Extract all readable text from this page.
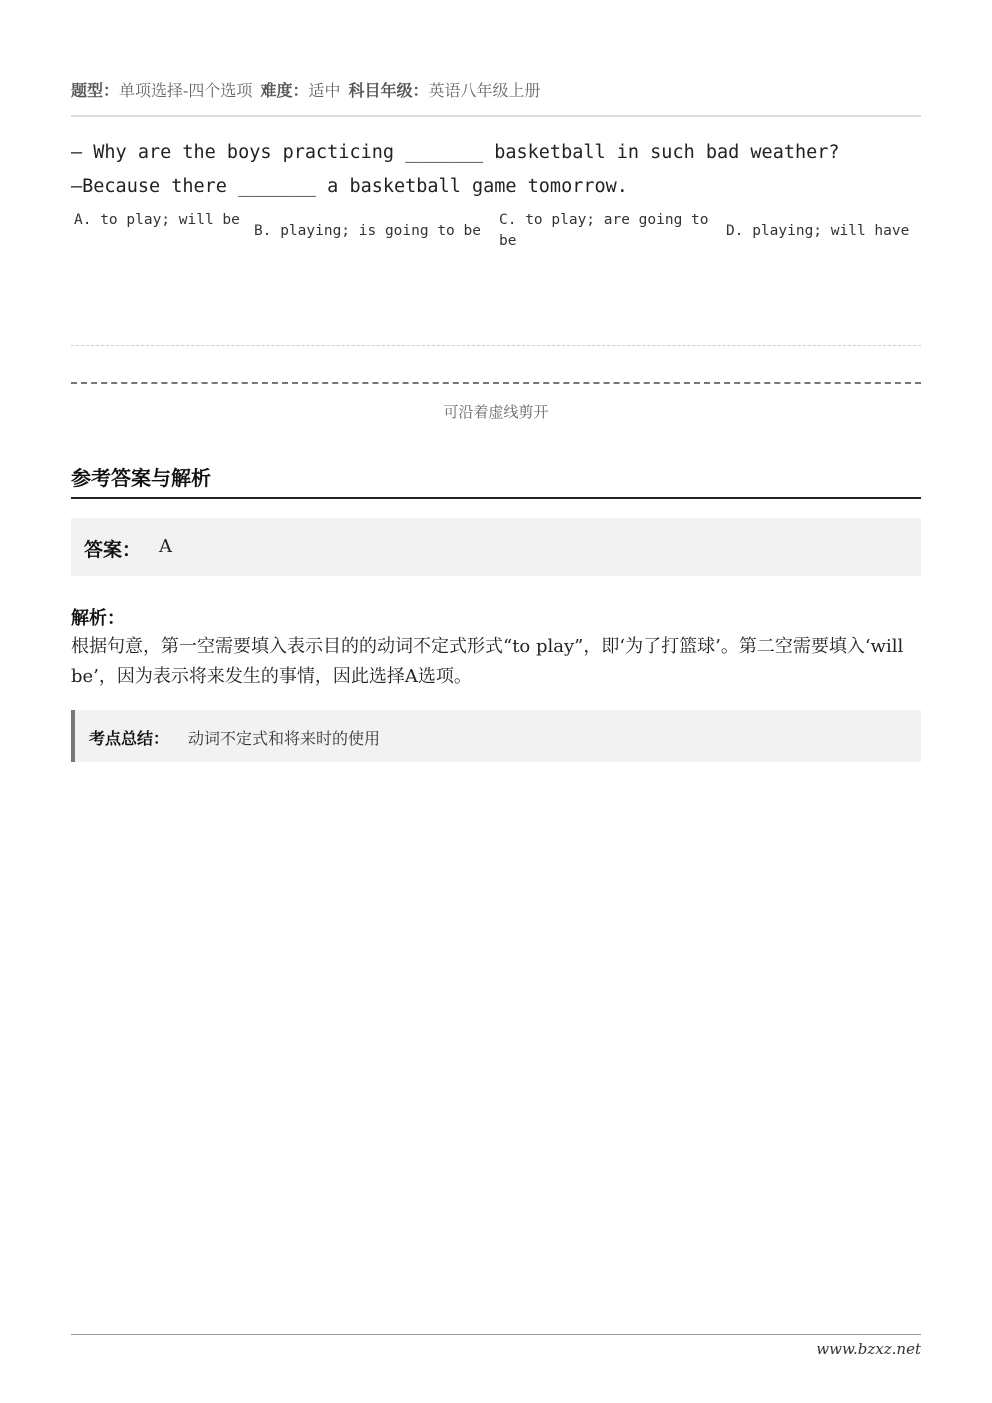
题型：单项选择-四个选项 难度：适中 科目年级：英语八年级上册
— Why are the boys practicing _______ basketball in such bad weather?
—Because there _______ a basketball game tomorrow.
A. to play; will be
B. playing; is going to be
C. to play; are going to be
D. playing; will have
可沿着虚线剪开
参考答案与解析
答案： A
解析：
根据句意，第一空需要填入表示目的的动词不定式形式“to play”，即‘为了打篮球’。第二空需要填入‘will be’，因为表示将来发生的事情，因此选择A选项。
考点总结： 动词不定式和将来时的使用
www.bzxz.net
